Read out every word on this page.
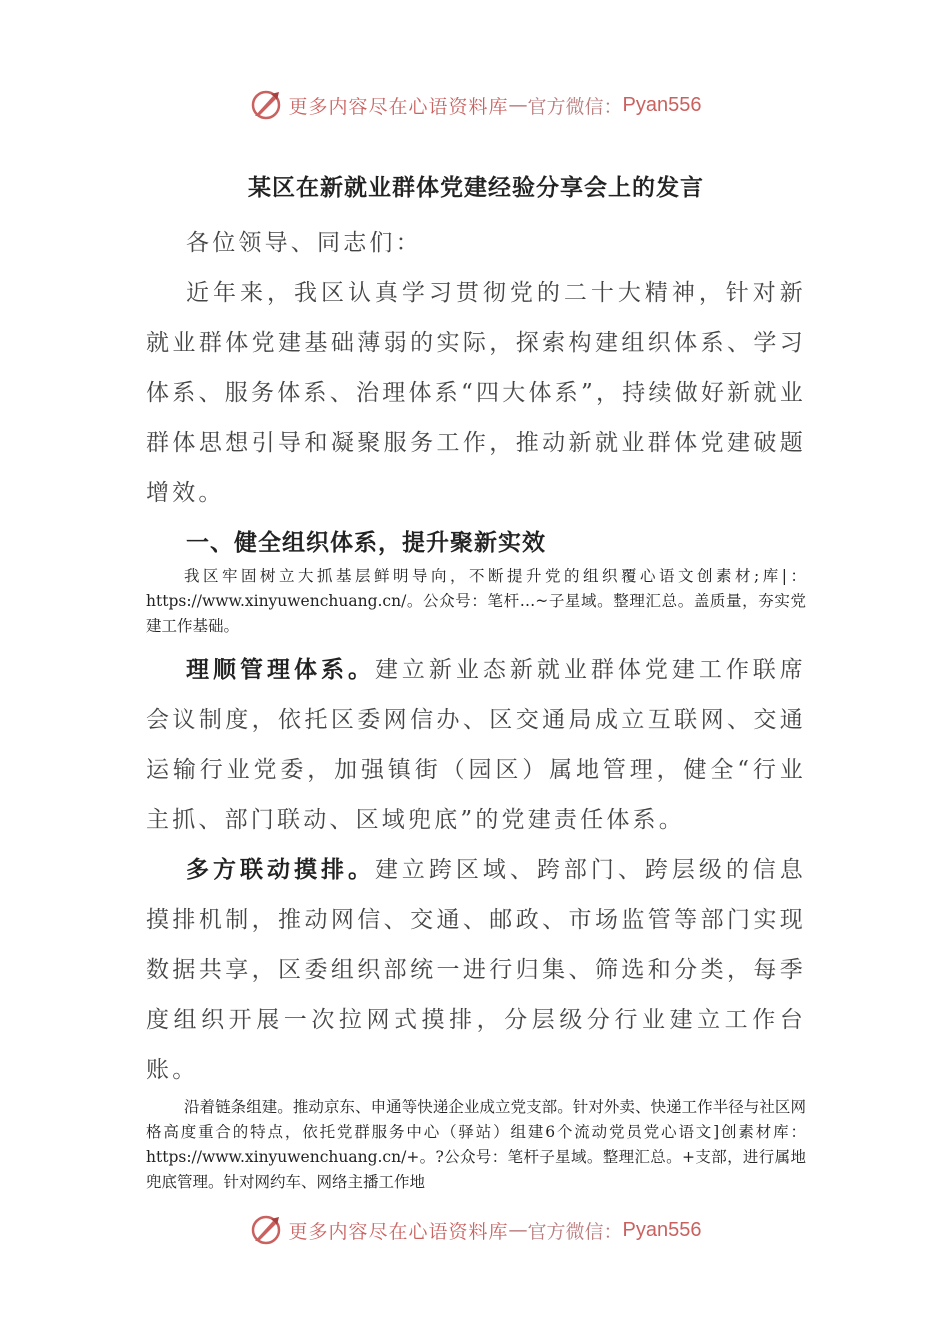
更多内容尽在心语资料库 — 官方微信： Pyan556
某区在新就业群体党建经验分享会上的发言

各位领导、同志们：

近年来，我区认真学习贯彻党的二十大精神，针对新就业群体党建基础薄弱的实际，探索构建组织体系、学习体系、服务体系、治理体系“四大体系”，持续做好新就业群体思想引导和凝聚服务工作，推动新就业群体党建破题增效。

一、健全组织体系，提升聚新实效

我区牢固树立大抓基层鲜明导向，不断提升党的组织覆心语文创素材;库|：https://www.xinyuwenchuang.cn/。公众号：笔杆…~子星域。整理汇总。盖质量，夯实党建工作基础。

理顺管理体系。建立新业态新就业群体党建工作联席会议制度，依托区委网信办、区交通局成立互联网、交通运输行业党委，加强镇街（园区）属地管理，健全“行业主抓、部门联动、区域兜底”的党建责任体系。

多方联动摸排。建立跨区域、跨部门、跨层级的信息摸排机制，推动网信、交通、邮政、市场监管等部门实现数据共享，区委组织部统一进行归集、筛选和分类，每季度组织开展一次拉网式摸排，分层级分行业建立工作台账。

沿着链条组建。推动京东、申通等快递企业成立党支部。针对外卖、快递工作半径与社区网格高度重合的特点，依托党群服务中心（驿站）组建6个流动党员党心语文]创素材库：https://www.xinyuwenchuang.cn/+。?公众号：笔杆子星域。整理汇总。+支部，进行属地兜底管理。针对网约车、网络主播工作地

更多内容尽在心语资料库 — 官方微信： Pyan556
